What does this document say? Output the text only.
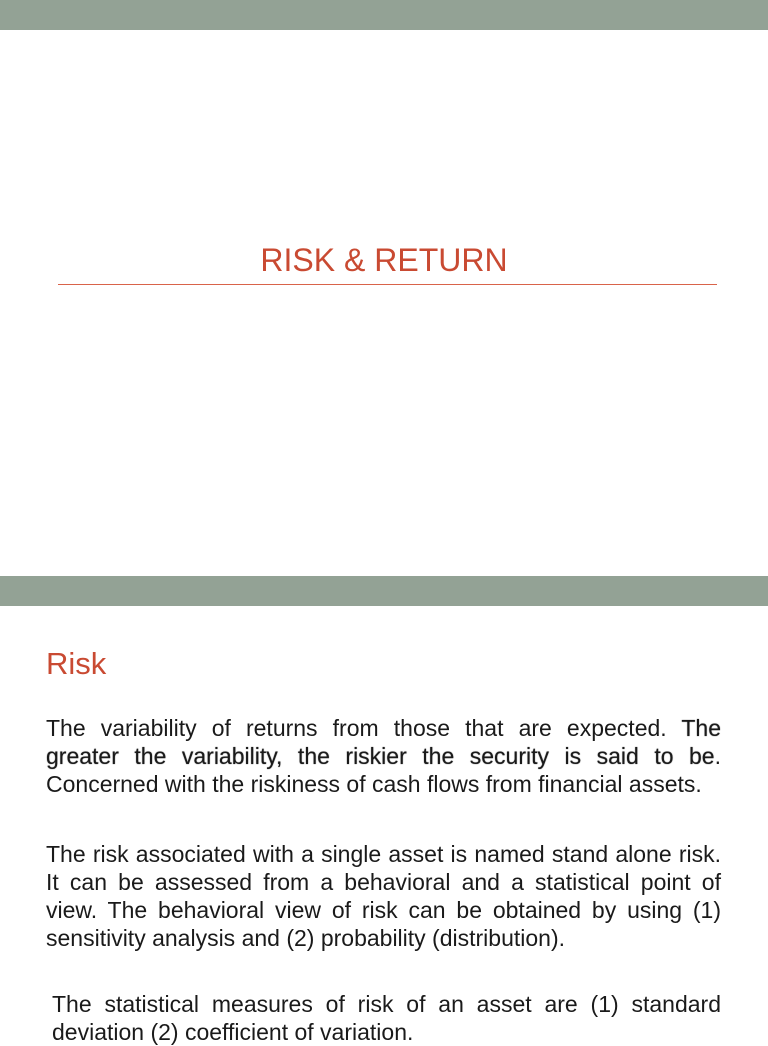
RISK & RETURN
Risk
The variability of returns from those that are expected. The greater the variability, the riskier the security is said to be. Concerned with the riskiness of cash flows from financial assets.
The risk associated with a single asset is named stand alone risk. It can be assessed from a behavioral and a statistical point of view. The behavioral view of risk can be obtained by using (1) sensitivity analysis and (2) probability (distribution).
The statistical measures of risk of an asset are (1) standard deviation (2) coefficient of variation.
